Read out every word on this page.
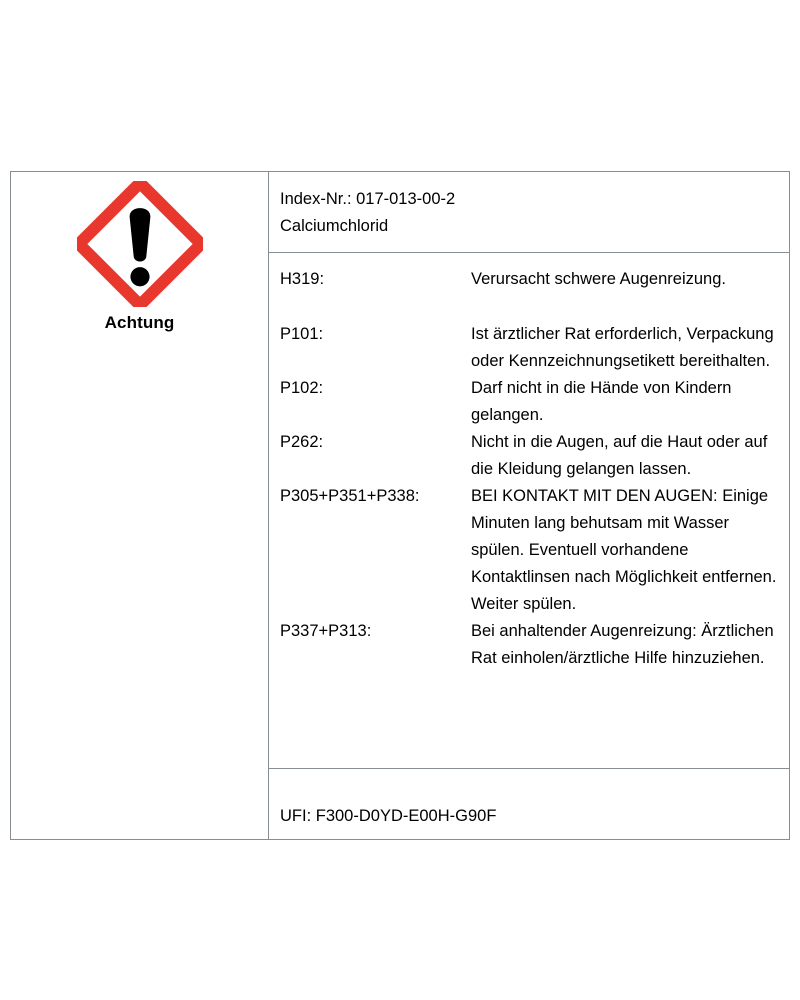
Achtung
Index-Nr.: 017-013-00-2
Calciumchlorid
H319:	Verursacht schwere Augenreizung.

P101:	Ist ärztlicher Rat erforderlich, Verpackung oder Kennzeichnungsetikett bereithalten.
P102:	Darf nicht in die Hände von Kindern gelangen.
P262:	Nicht in die Augen, auf die Haut oder auf die Kleidung gelangen lassen.
P305+P351+P338:	BEI KONTAKT MIT DEN AUGEN: Einige Minuten lang behutsam mit Wasser spülen. Eventuell vorhandene Kontaktlinsen nach Möglichkeit entfernen. Weiter spülen.
P337+P313:	Bei anhaltender Augenreizung: Ärztlichen Rat einholen/ärztliche Hilfe hinzuziehen.
UFI: F300-D0YD-E00H-G90F
